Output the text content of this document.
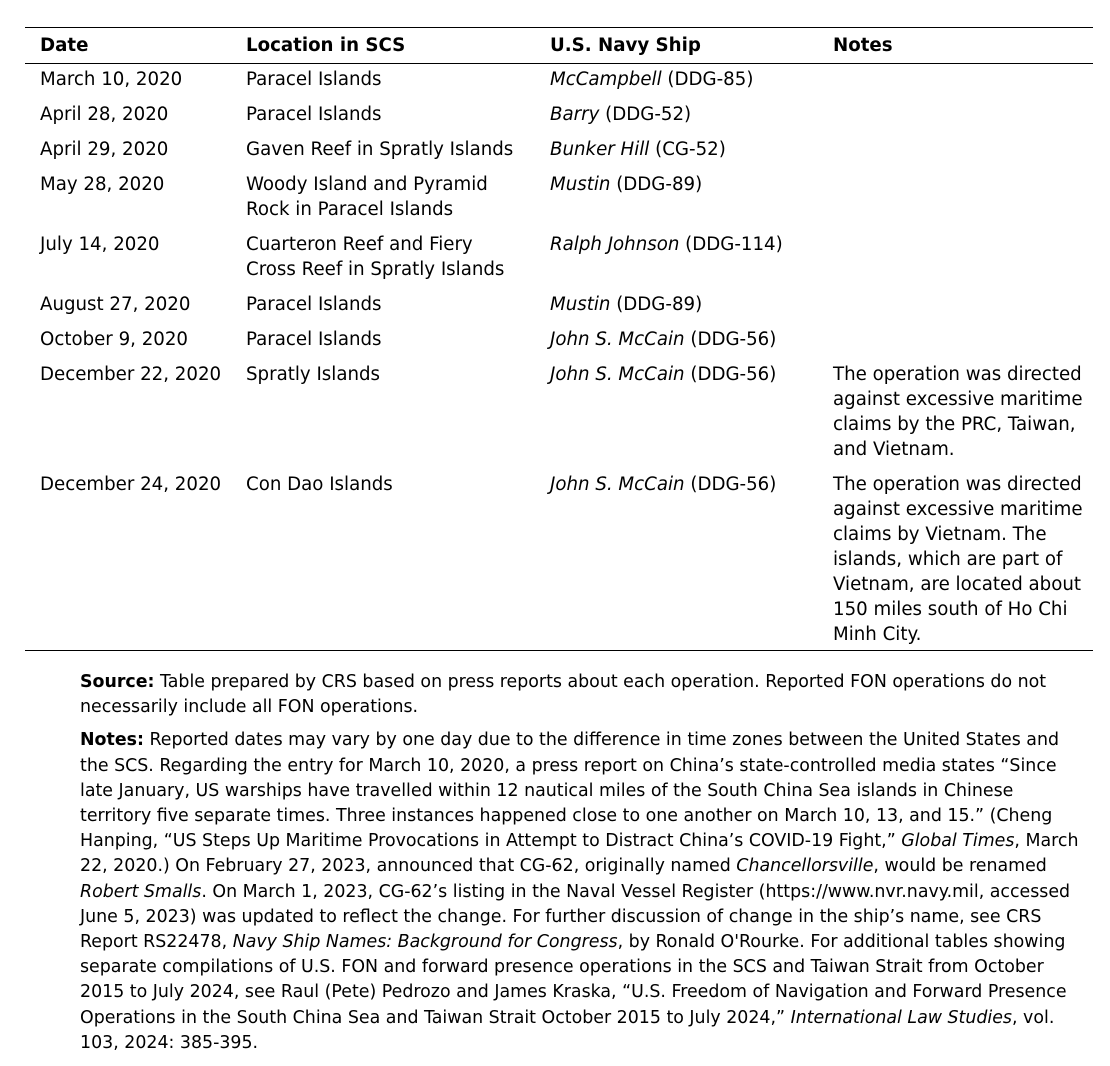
Date	Location in SCS	U.S. Navy Ship	Notes
March 10, 2020	Paracel Islands	McCampbell (DDG-85)	
April 28, 2020	Paracel Islands	Barry (DDG-52)	
April 29, 2020	Gaven Reef in Spratly Islands	Bunker Hill (CG-52)	
May 28, 2020	Woody Island and Pyramid Rock in Paracel Islands	Mustin (DDG-89)	
July 14, 2020	Cuarteron Reef and Fiery Cross Reef in Spratly Islands	Ralph Johnson (DDG-114)	
August 27, 2020	Paracel Islands	Mustin (DDG-89)	
October 9, 2020	Paracel Islands	John S. McCain (DDG-56)	
December 22, 2020	Spratly Islands	John S. McCain (DDG-56)	The operation was directed against excessive maritime claims by the PRC, Taiwan, and Vietnam.
December 24, 2020	Con Dao Islands	John S. McCain (DDG-56)	The operation was directed against excessive maritime claims by Vietnam. The islands, which are part of Vietnam, are located about 150 miles south of Ho Chi Minh City.

Source: Table prepared by CRS based on press reports about each operation. Reported FON operations do not necessarily include all FON operations.

Notes: Reported dates may vary by one day due to the difference in time zones between the United States and the SCS. Regarding the entry for March 10, 2020, a press report on China’s state-controlled media states “Since late January, US warships have travelled within 12 nautical miles of the South China Sea islands in Chinese territory five separate times. Three instances happened close to one another on March 10, 13, and 15.” (Cheng Hanping, “US Steps Up Maritime Provocations in Attempt to Distract China’s COVID-19 Fight,” Global Times, March 22, 2020.) On February 27, 2023, announced that CG-62, originally named Chancellorsville, would be renamed Robert Smalls. On March 1, 2023, CG-62’s listing in the Naval Vessel Register (https://www.nvr.navy.mil, accessed June 5, 2023) was updated to reflect the change. For further discussion of change in the ship’s name, see CRS Report RS22478, Navy Ship Names: Background for Congress, by Ronald O'Rourke. For additional tables showing separate compilations of U.S. FON and forward presence operations in the SCS and Taiwan Strait from October 2015 to July 2024, see Raul (Pete) Pedrozo and James Kraska, “U.S. Freedom of Navigation and Forward Presence Operations in the South China Sea and Taiwan Strait October 2015 to July 2024,” International Law Studies, vol. 103, 2024: 385-395.
